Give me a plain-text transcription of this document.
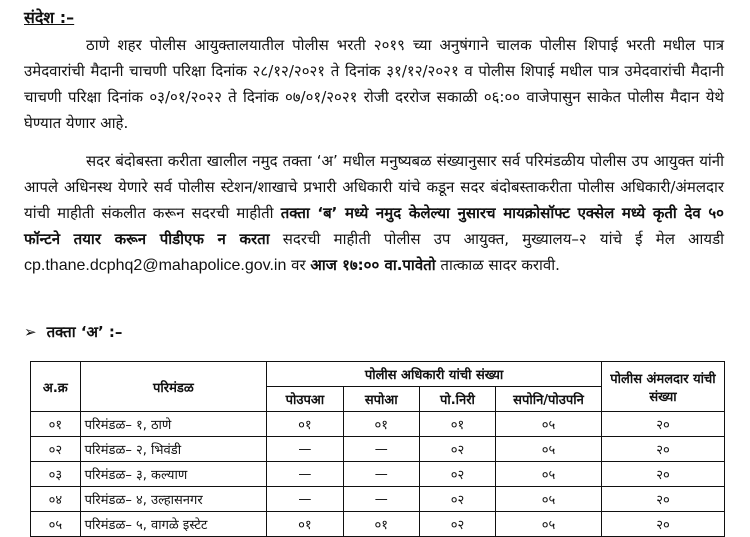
संदेश :–
ठाणे शहर पोलीस आयुक्तालयातील पोलीस भरती २०१९ च्या अनुषंगाने चालक पोलीस शिपाई भरती मधील पात्र उमेदवारांची मैदानी चाचणी परिक्षा दिनांक २८/१२/२०२१ ते दिनांक ३१/१२/२०२१ व पोलीस शिपाई मधील पात्र उमेदवारांची मैदानी चाचणी परिक्षा दिनांक ०३/०१/२०२२ ते दिनांक ०७/०१/२०२१ रोजी दररोज सकाळी ०६:०० वाजेपासुन साकेत पोलीस मैदान येथे घेण्यात येणार आहे.
सदर बंदोबस्ता करीता खालील नमुद तक्ता ‘अ’ मधील मनुष्यबळ संख्यानुसार सर्व परिमंडळीय पोलीस उप आयुक्त यांनी आपले अधिनस्थ येणारे सर्व पोलीस स्टेशन/शाखाचे प्रभारी अधिकारी यांचे कडून सदर बंदोबस्ताकरीता पोलीस अधिकारी/अंमलदार यांची माहीती संकलीत करून सदरची माहीती तक्ता ‘ब’ मध्ये नमुद केलेल्या नुसारच मायक्रोसॉफ्ट एक्सेल मध्ये कृती देव ५० फॉन्टने तयार करून पीडीएफ न करता सदरची माहीती पोलीस उप आयुक्त, मुख्यालय–२ यांचे ई मेल आयडी cp.thane.dcphq2@mahapolice.gov.in वर आज १७:०० वा.पावेतो तात्काळ सादर करावी.
➢ तक्ता ‘अ’ :–
अ.क्र	परिमंडळ	पोलीस अधिकारी यांची संख्या				पोलीस अंमलदार यांची संख्या
		पोउपआ	सपोआ	पो.निरी	सपोनि/पोउपनि	
०१	परिमंडळ– १, ठाणे	०१	०१	०१	०५	२०
०२	परिमंडळ– २, भिवंडी	—	—	०२	०५	२०
०३	परिमंडळ– ३, कल्याण	—	—	०२	०५	२०
०४	परिमंडळ– ४, उल्हासनगर	—	—	०२	०५	२०
०५	परिमंडळ– ५, वागळे इस्टेट	०१	०१	०२	०५	२०
